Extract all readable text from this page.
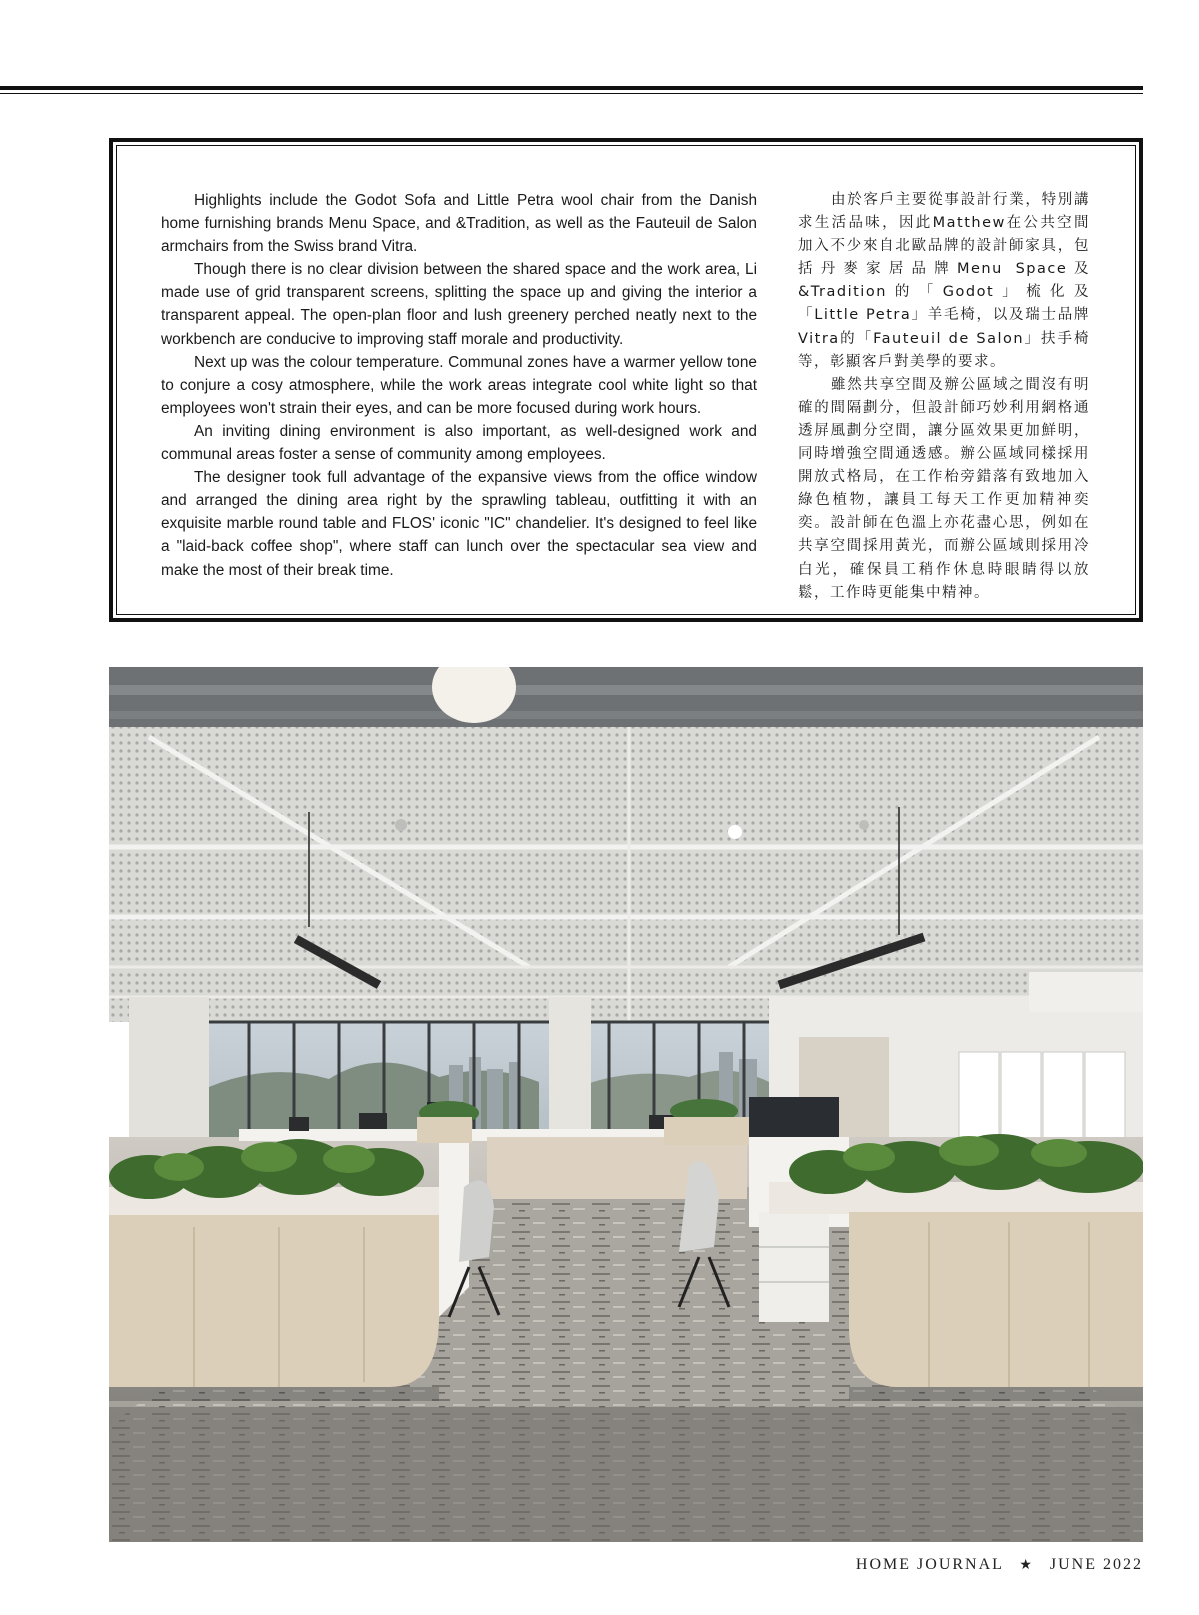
Highlights include the Godot Sofa and Little Petra wool chair from the Danish home furnishing brands Menu Space, and &Tradition, as well as the Fauteuil de Salon armchairs from the Swiss brand Vitra.

Though there is no clear division between the shared space and the work area, Li made use of grid transparent screens, splitting the space up and giving the interior a transparent appeal. The open-plan floor and lush greenery perched neatly next to the workbench are conducive to improving staff morale and productivity.

Next up was the colour temperature. Communal zones have a warmer yellow tone to conjure a cosy atmosphere, while the work areas integrate cool white light so that employees won't strain their eyes, and can be more focused during work hours.

An inviting dining environment is also important, as well-designed work and communal areas foster a sense of community among employees.

The designer took full advantage of the expansive views from the office window and arranged the dining area right by the sprawling tableau, outfitting it with an exquisite marble round table and FLOS' iconic "IC" chandelier. It's designed to feel like a "laid-back coffee shop", where staff can lunch over the spectacular sea view and make the most of their break time.

由於客戶主要從事設計行業，特別講求生活品味，因此Matthew在公共空間加入不少來自北歐品牌的設計師家具，包括丹麥家居品牌Menu Space及&Tradition的「Godot」梳化及「Little Petra」羊毛椅，以及瑞士品牌Vitra的「Fauteuil de Salon」扶手椅等，彰顯客戶對美學的要求。

雖然共享空間及辦公區域之間沒有明確的間隔劃分，但設計師巧妙利用網格通透屏風劃分空間，讓分區效果更加鮮明，同時增強空間通透感。辦公區域同樣採用開放式格局，在工作枱旁錯落有致地加入綠色植物，讓員工每天工作更加精神奕奕。設計師在色溫上亦花盡心思，例如在共享空間採用黃光，而辦公區域則採用冷白光，確保員工稍作休息時眼睛得以放鬆，工作時更能集中精神。

HOME JOURNAL ★ JUNE 2022
